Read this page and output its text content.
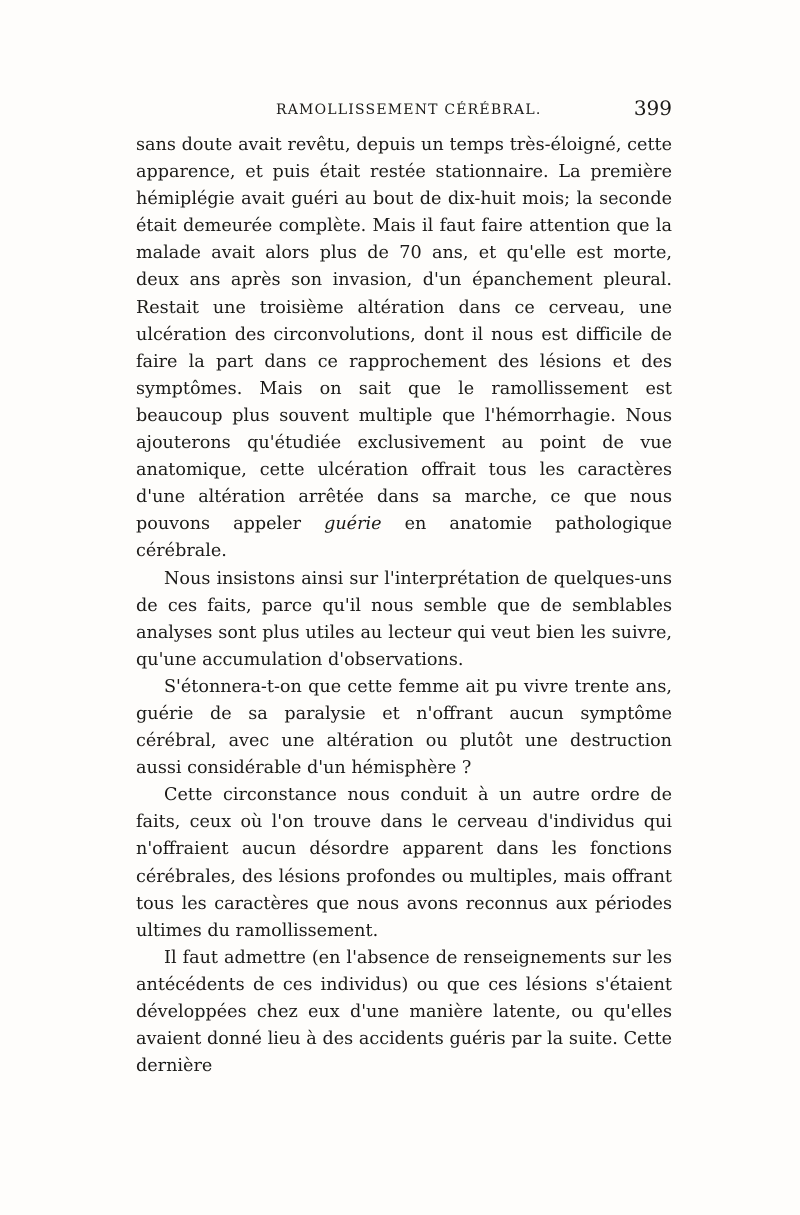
RAMOLLISSEMENT CÉRÉBRAL.	399

sans doute avait revêtu, depuis un temps très-éloigné, cette apparence, et puis était restée stationnaire. La première hémiplégie avait guéri au bout de dix-huit mois; la seconde était demeurée complète. Mais il faut faire attention que la malade avait alors plus de 70 ans, et qu'elle est morte, deux ans après son invasion, d'un épanchement pleural. Restait une troisième altération dans ce cerveau, une ulcération des circonvolutions, dont il nous est difficile de faire la part dans ce rapprochement des lésions et des symptômes. Mais on sait que le ramollissement est beaucoup plus souvent multiple que l'hémorrhagie. Nous ajouterons qu'étudiée exclusivement au point de vue anatomique, cette ulcération offrait tous les caractères d'une altération arrêtée dans sa marche, ce que nous pouvons appeler guérie en anatomie pathologique cérébrale.

Nous insistons ainsi sur l'interprétation de quelques-uns de ces faits, parce qu'il nous semble que de semblables analyses sont plus utiles au lecteur qui veut bien les suivre, qu'une accumulation d'observations.

S'étonnera-t-on que cette femme ait pu vivre trente ans, guérie de sa paralysie et n'offrant aucun symptôme cérébral, avec une altération ou plutôt une destruction aussi considérable d'un hémisphère ?

Cette circonstance nous conduit à un autre ordre de faits, ceux où l'on trouve dans le cerveau d'individus qui n'offraient aucun désordre apparent dans les fonctions cérébrales, des lésions profondes ou multiples, mais offrant tous les caractères que nous avons reconnus aux périodes ultimes du ramollissement.

Il faut admettre (en l'absence de renseignements sur les antécédents de ces individus) ou que ces lésions s'étaient développées chez eux d'une manière latente, ou qu'elles avaient donné lieu à des accidents guéris par la suite. Cette dernière
